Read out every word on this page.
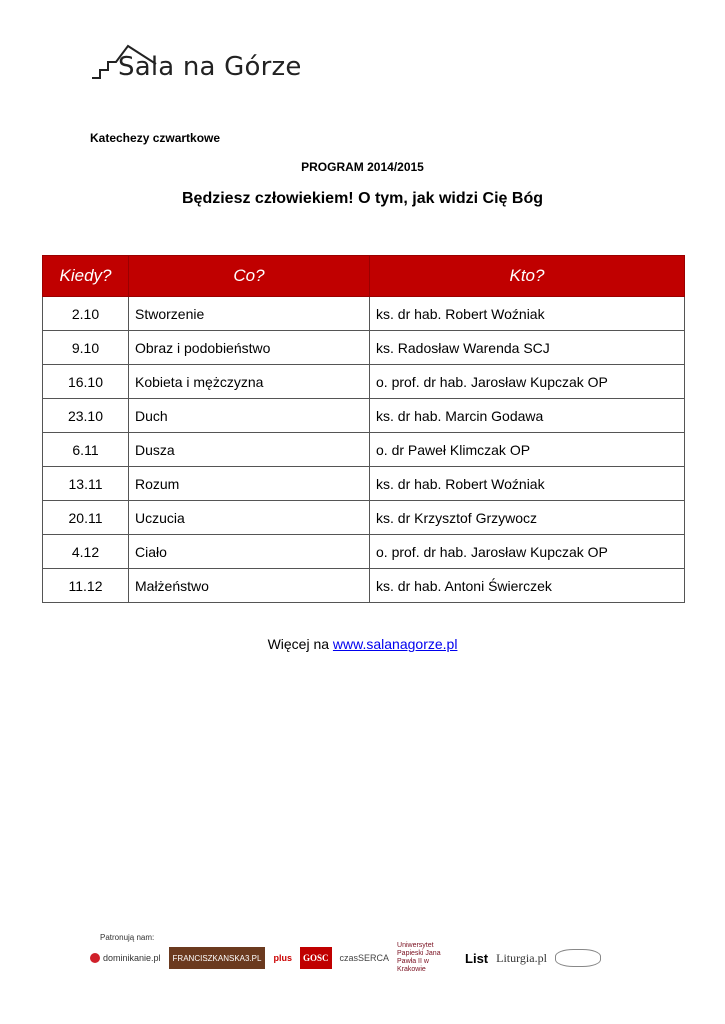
Sala na Górze
Katechezy czwartkowe
PROGRAM 2014/2015
Będziesz człowiekiem! O tym, jak widzi Cię Bóg
Kiedy?	Co?	Kto?
2.10	Stworzenie	ks. dr hab. Robert Woźniak
9.10	Obraz i podobieństwo	ks. Radosław Warenda SCJ
16.10	Kobieta i mężczyzna	o. prof. dr hab. Jarosław Kupczak OP
23.10	Duch	ks. dr hab. Marcin Godawa
6.11	Dusza	o. dr Paweł Klimczak OP
13.11	Rozum	ks. dr hab. Robert Woźniak
20.11	Uczucia	ks. dr Krzysztof Grzywocz
4.12	Ciało	o. prof. dr hab. Jarosław Kupczak OP
11.12	Małżeństwo	ks. dr hab. Antoni Świerczek
Więcej na www.salanagorze.pl
Patronują nam:
dominikanie.pl	FRANCISZKANSKA3.PL	plus	GOSC	czasSERCA
Uniwersytet Papieski Jana Pawła II w Krakowie
List Liturgia.pl
